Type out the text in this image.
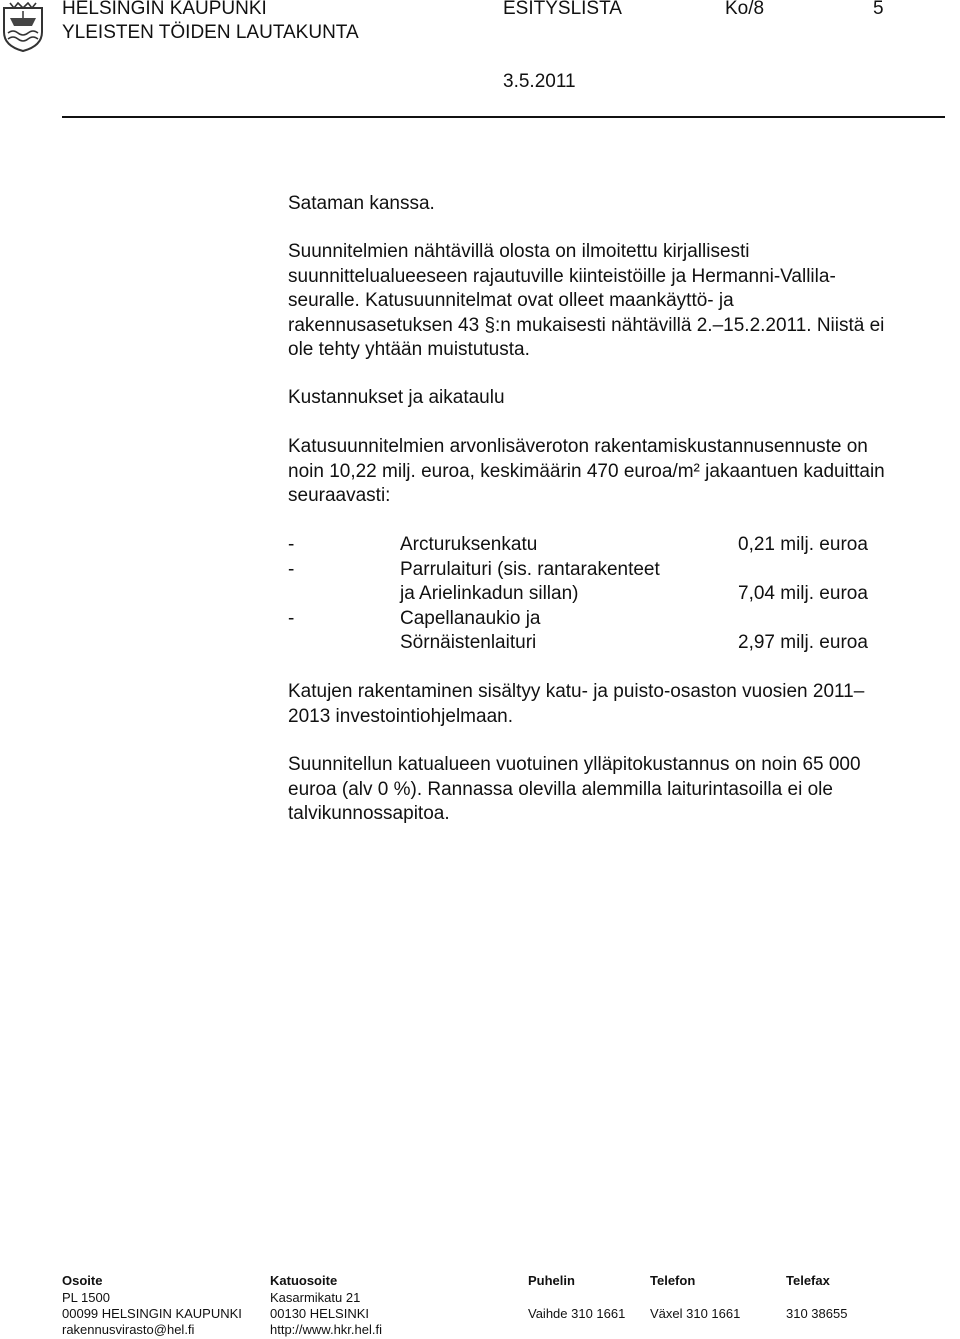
HELSINGIN KAUPUNKI
YLEISTEN TÖIDEN LAUTAKUNTA
ESITYSLISTA	Ko/8	5
3.5.2011
Sataman kanssa.
Suunnitelmien nähtävillä olosta on ilmoitettu kirjallisesti
suunnittelualueeseen rajautuville kiinteistöille ja Hermanni-Vallila-
seuralle. Katusuunnitelmat ovat olleet maankäyttö- ja
rakennusasetuksen 43 §:n mukaisesti nähtävillä 2.–15.2.2011. Niistä ei
ole tehty yhtään muistutusta.
Kustannukset ja aikataulu
Katusuunnitelmien arvonlisäveroton rakentamiskustannusennuste on
noin 10,22 milj. euroa, keskimäärin 470 euroa/m² jakaantuen kaduittain
seuraavasti:
-	Arcturuksenkatu	0,21 milj. euroa
-	Parrulaituri (sis. rantarakenteet
ja Arielinkadun sillan)	7,04 milj. euroa
-	Capellanaukio ja
Sörnäistenlaituri	2,97 milj. euroa
Katujen rakentaminen sisältyy katu- ja puisto-osaston vuosien 2011–
2013 investointiohjelmaan.
Suunnitellun katualueen vuotuinen ylläpitokustannus on noin 65 000
euroa (alv 0 %). Rannassa olevilla alemmilla laiturintasoilla ei ole
talvikunnossapitoa.
Osoite
PL 1500
00099 HELSINGIN KAUPUNKI
rakennusvirasto@hel.fi
Katuosoite
Kasarmikatu 21
00130 HELSINKI
http://www.hkr.hel.fi
Puhelin
Vaihde 310 1661
Telefon
Växel 310 1661
Telefax
310 38655
